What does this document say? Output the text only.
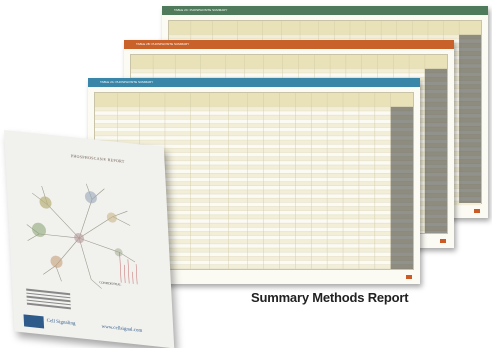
TABLE 2C: PHOSPHOSITE SUMMARY
TABLE 2B: PHOSPHOSITE SUMMARY
TABLE 2A: PHOSPHOSITE SUMMARY
PHOSPHOSCAN® REPORT
CONFIDENTIAL
Cell Signaling
www.cellsignal.com
Summary Methods Report
